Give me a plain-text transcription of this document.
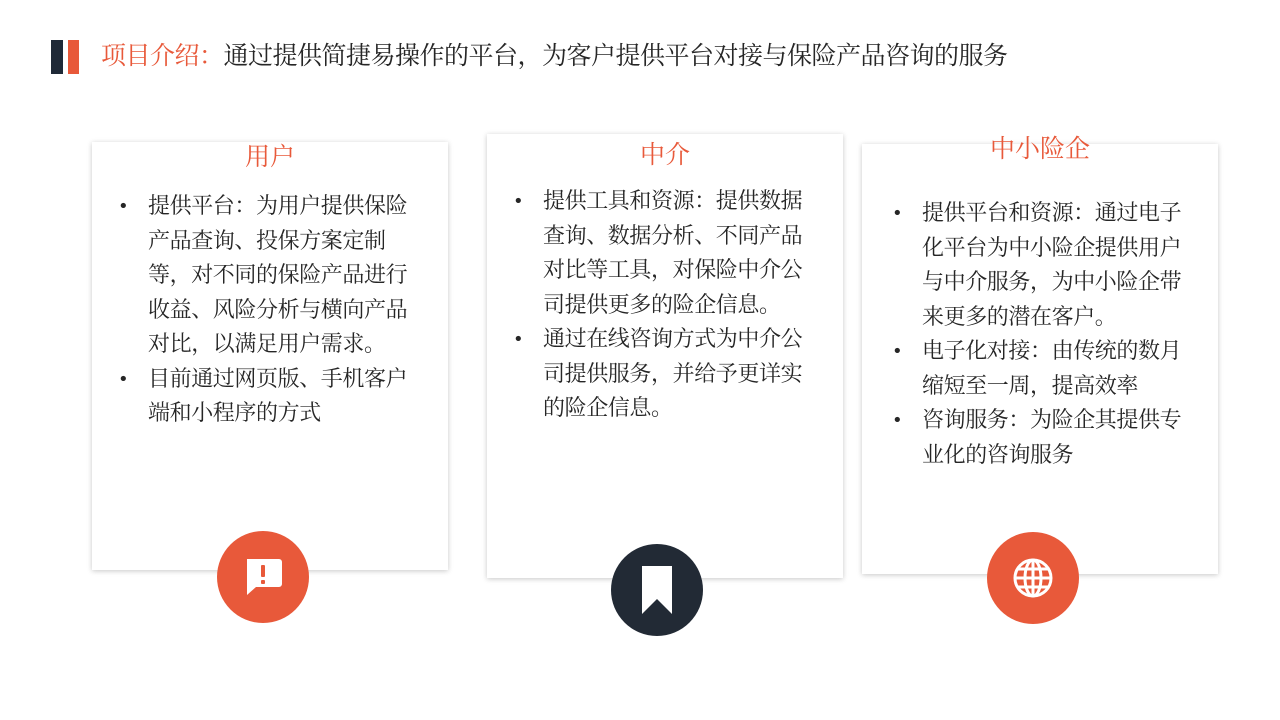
项目介绍：通过提供简捷易操作的平台，为客户提供平台对接与保险产品咨询的服务
用户
• 提供平台：为用户提供保险产品查询、投保方案定制等，对不同的保险产品进行收益、风险分析与横向产品对比，以满足用户需求。
• 目前通过网页版、手机客户端和小程序的方式
中介
• 提供工具和资源：提供数据查询、数据分析、不同产品对比等工具，对保险中介公司提供更多的险企信息。
• 通过在线咨询方式为中介公司提供服务，并给予更详实的险企信息。
中小险企
• 提供平台和资源：通过电子化平台为中小险企提供用户与中介服务，为中小险企带来更多的潜在客户。
• 电子化对接：由传统的数月缩短至一周，提高效率
• 咨询服务：为险企其提供专业化的咨询服务
